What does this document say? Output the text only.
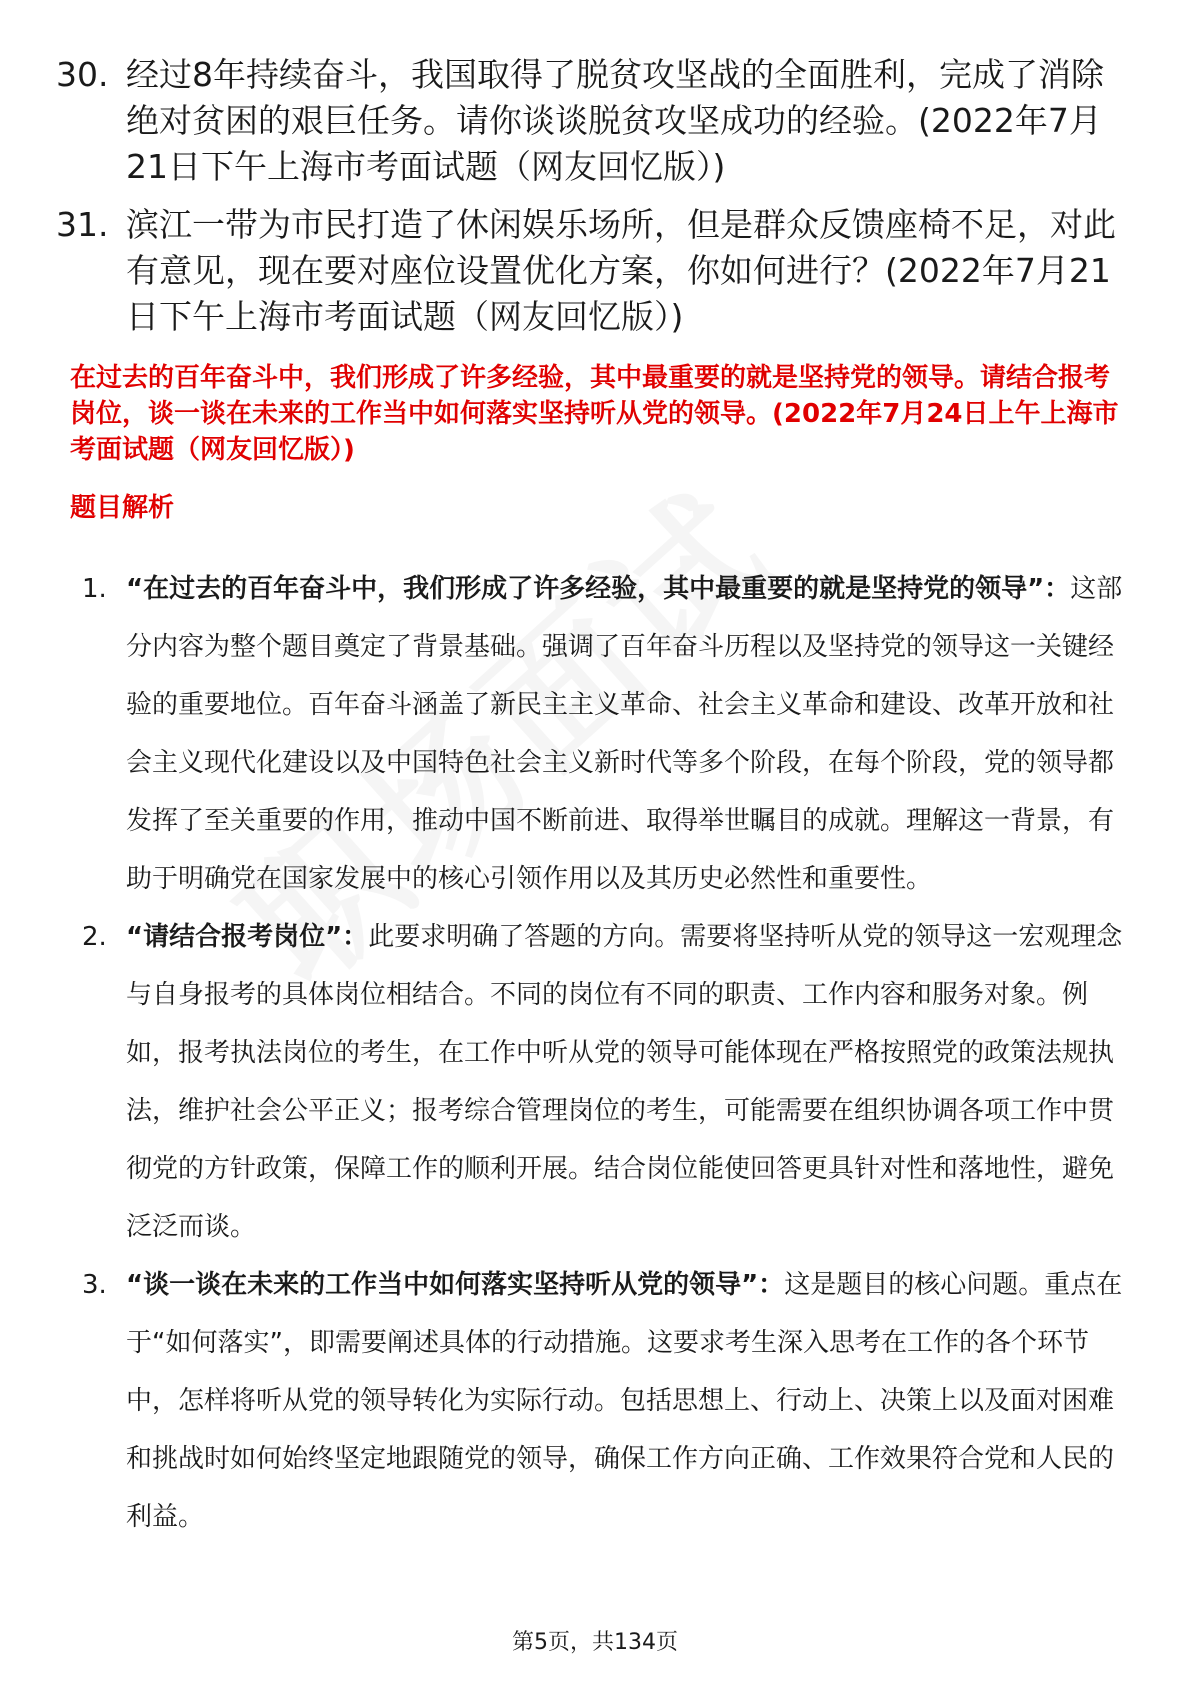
30. 经过8年持续奋斗，我国取得了脱贫攻坚战的全面胜利，完成了消除绝对贫困的艰巨任务。请你谈谈脱贫攻坚成功的经验。(2022年7月21日下午上海市考面试题（网友回忆版）)
31. 滨江一带为市民打造了休闲娱乐场所，但是群众反馈座椅不足，对此有意见，现在要对座位设置优化方案，你如何进行？(2022年7月21日下午上海市考面试题（网友回忆版）)
在过去的百年奋斗中，我们形成了许多经验，其中最重要的就是坚持党的领导。请结合报考岗位，谈一谈在未来的工作当中如何落实坚持听从党的领导。(2022年7月24日上午上海市考面试题（网友回忆版）)
题目解析
1. “在过去的百年奋斗中，我们形成了许多经验，其中最重要的就是坚持党的领导”：这部分内容为整个题目奠定了背景基础。强调了百年奋斗历程以及坚持党的领导这一关键经验的重要地位。百年奋斗涵盖了新民主主义革命、社会主义革命和建设、改革开放和社会主义现代化建设以及中国特色社会主义新时代等多个阶段，在每个阶段，党的领导都发挥了至关重要的作用，推动中国不断前进、取得举世瞩目的成就。理解这一背景，有助于明确党在国家发展中的核心引领作用以及其历史必然性和重要性。
2. “请结合报考岗位”：此要求明确了答题的方向。需要将坚持听从党的领导这一宏观理念与自身报考的具体岗位相结合。不同的岗位有不同的职责、工作内容和服务对象。例如，报考执法岗位的考生，在工作中听从党的领导可能体现在严格按照党的政策法规执法，维护社会公平正义；报考综合管理岗位的考生，可能需要在组织协调各项工作中贯彻党的方针政策，保障工作的顺利开展。结合岗位能使回答更具针对性和落地性，避免泛泛而谈。
3. “谈一谈在未来的工作当中如何落实坚持听从党的领导”：这是题目的核心问题。重点在于“如何落实”，即需要阐述具体的行动措施。这要求考生深入思考在工作的各个环节中，怎样将听从党的领导转化为实际行动。包括思想上、行动上、决策上以及面对困难和挑战时如何始终坚定地跟随党的领导，确保工作方向正确、工作效果符合党和人民的利益。
第5页，共134页
